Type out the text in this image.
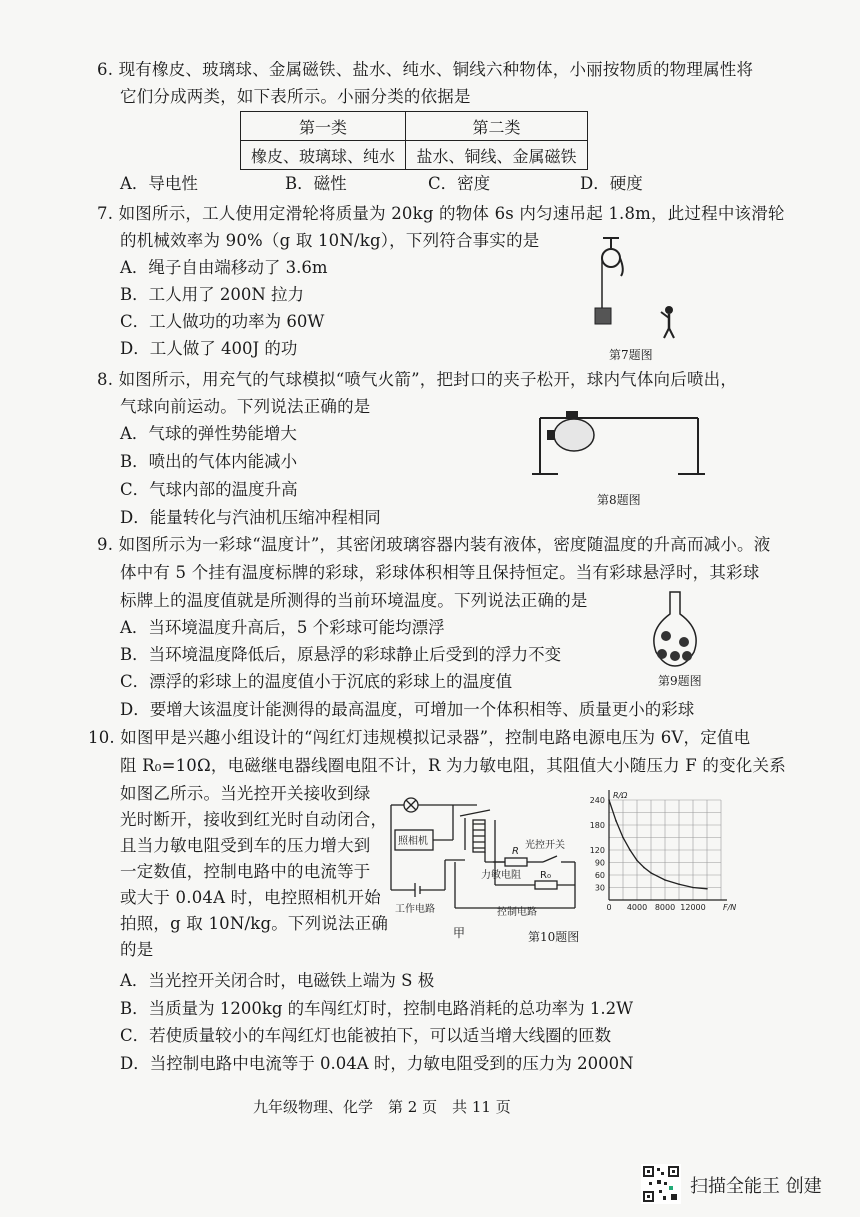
6. 现有橡皮、玻璃球、金属磁铁、盐水、纯水、铜线六种物体，小丽按物质的物理属性将
它们分成两类，如下表所示。小丽分类的依据是
第一类	第二类
橡皮、玻璃球、纯水	盐水、铜线、金属磁铁
A．导电性	B．磁性	C．密度	D．硬度
7. 如图所示，工人使用定滑轮将质量为 20kg 的物体 6s 内匀速吊起 1.8m，此过程中该滑轮
的机械效率为 90%（g 取 10N/kg），下列符合事实的是
A．绳子自由端移动了 3.6m
B．工人用了 200N 拉力
C．工人做功的功率为 60W
D．工人做了 400J 的功	第7题图
8. 如图所示，用充气的气球模拟“喷气火箭”，把封口的夹子松开，球内气体向后喷出，
气球向前运动。下列说法正确的是
A．气球的弹性势能增大
B．喷出的气体内能减小
C．气球内部的温度升高
D．能量转化与汽油机压缩冲程相同
第8题图
9. 如图所示为一彩球“温度计”，其密闭玻璃容器内装有液体，密度随温度的升高而减小。液
体中有 5 个挂有温度标牌的彩球，彩球体积相等且保持恒定。当有彩球悬浮时，其彩球
标牌上的温度值就是所测得的当前环境温度。下列说法正确的是
A．当环境温度升高后，5 个彩球可能均漂浮
B．当环境温度降低后，原悬浮的彩球静止后受到的浮力不变
C．漂浮的彩球上的温度值小于沉底的彩球上的温度值
D．要增大该温度计能测得的最高温度，可增加一个体积相等、质量更小的彩球
第9题图
10. 如图甲是兴趣小组设计的“闯红灯违规模拟记录器”，控制电路电源电压为 6V，定值电
阻 R₀=10Ω，电磁继电器线圈电阻不计，R 为力敏电阻，其阻值大小随压力 F 的变化关系
如图乙所示。当光控开关接收到绿
光时断开，接收到红光时自动闭合，
且当力敏电阻受到车的压力增大到
一定数值，控制电路中的电流等于
或大于 0.04A 时，电控照相机开始
拍照，g 取 10N/kg。下列说法正确
的是
照相机	光控开关
R
力敏电阻 R₀
工作电路	控制电路
甲
240
180
120
90
60
30
0 4000 8000 12000
R/Ω
F/N
第10题图
A．当光控开关闭合时，电磁铁上端为 S 极
B．当质量为 1200kg 的车闯红灯时，控制电路消耗的总功率为 1.2W
C．若使质量较小的车闯红灯也能被拍下，可以适当增大线圈的匝数
D．当控制电路中电流等于 0.04A 时，力敏电阻受到的压力为 2000N
九年级物理、化学　第 2 页　共 11 页
扫描全能王 创建
